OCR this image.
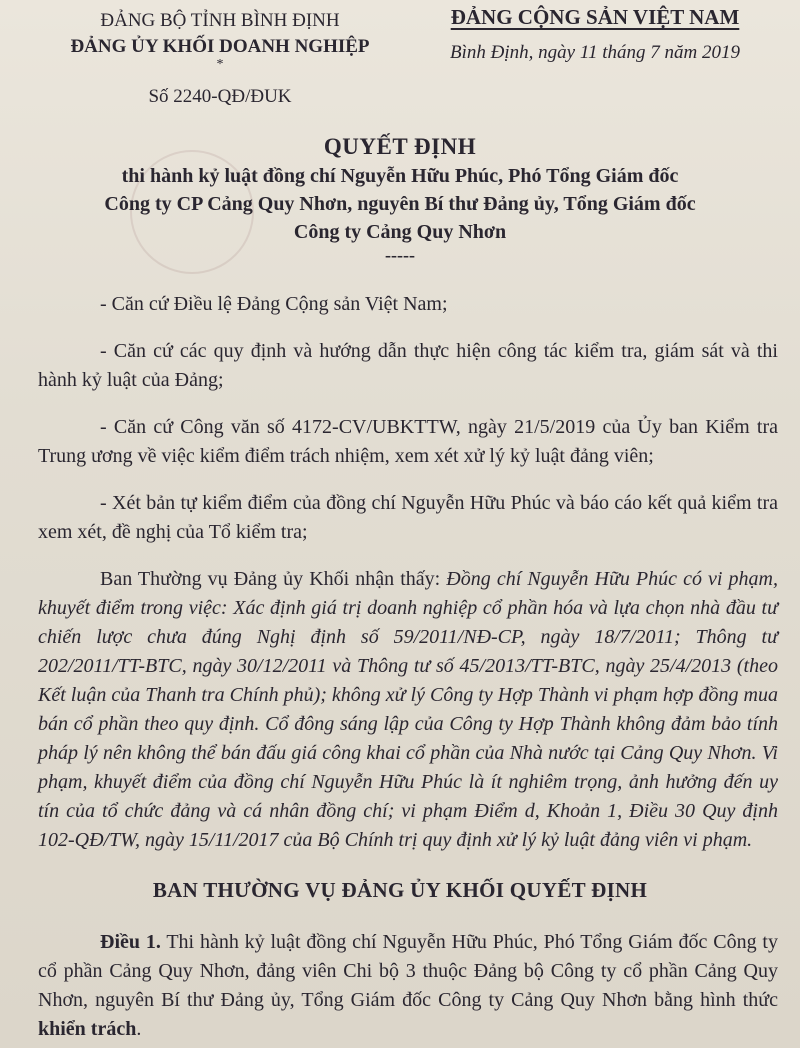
ĐẢNG BỘ TỈNH BÌNH ĐỊNH
ĐẢNG ỦY KHỐI DOANH NGHIỆP
*
Số 2240-QĐ/ĐUK
ĐẢNG CỘNG SẢN VIỆT NAM
Bình Định, ngày 11 tháng 7 năm 2019
QUYẾT ĐỊNH
thi hành kỷ luật đồng chí Nguyễn Hữu Phúc, Phó Tổng Giám đốc
Công ty CP Cảng Quy Nhơn, nguyên Bí thư Đảng ủy, Tổng Giám đốc
Công ty Cảng Quy Nhơn
-----

- Căn cứ Điều lệ Đảng Cộng sản Việt Nam;

- Căn cứ các quy định và hướng dẫn thực hiện công tác kiểm tra, giám sát và thi hành kỷ luật của Đảng;

- Căn cứ Công văn số 4172-CV/UBKTTW, ngày 21/5/2019 của Ủy ban Kiểm tra Trung ương về việc kiểm điểm trách nhiệm, xem xét xử lý kỷ luật đảng viên;

- Xét bản tự kiểm điểm của đồng chí Nguyễn Hữu Phúc và báo cáo kết quả kiểm tra xem xét, đề nghị của Tổ kiểm tra;

Ban Thường vụ Đảng ủy Khối nhận thấy: Đồng chí Nguyễn Hữu Phúc có vi phạm, khuyết điểm trong việc: Xác định giá trị doanh nghiệp cổ phần hóa và lựa chọn nhà đầu tư chiến lược chưa đúng Nghị định số 59/2011/NĐ-CP, ngày 18/7/2011; Thông tư 202/2011/TT-BTC, ngày 30/12/2011 và Thông tư số 45/2013/TT-BTC, ngày 25/4/2013 (theo Kết luận của Thanh tra Chính phủ); không xử lý Công ty Hợp Thành vi phạm hợp đồng mua bán cổ phần theo quy định. Cổ đông sáng lập của Công ty Hợp Thành không đảm bảo tính pháp lý nên không thể bán đấu giá công khai cổ phần của Nhà nước tại Cảng Quy Nhơn. Vi phạm, khuyết điểm của đồng chí Nguyễn Hữu Phúc là ít nghiêm trọng, ảnh hưởng đến uy tín của tổ chức đảng và cá nhân đồng chí; vi phạm Điểm d, Khoản 1, Điều 30 Quy định 102-QĐ/TW, ngày 15/11/2017 của Bộ Chính trị quy định xử lý kỷ luật đảng viên vi phạm.

BAN THƯỜNG VỤ ĐẢNG ỦY KHỐI QUYẾT ĐỊNH
Điều 1. Thi hành kỷ luật đồng chí Nguyễn Hữu Phúc, Phó Tổng Giám đốc Công ty cổ phần Cảng Quy Nhơn, đảng viên Chi bộ 3 thuộc Đảng bộ Công ty cổ phần Cảng Quy Nhơn, nguyên Bí thư Đảng ủy, Tổng Giám đốc Công ty Cảng Quy Nhơn bằng hình thức khiển trách.
